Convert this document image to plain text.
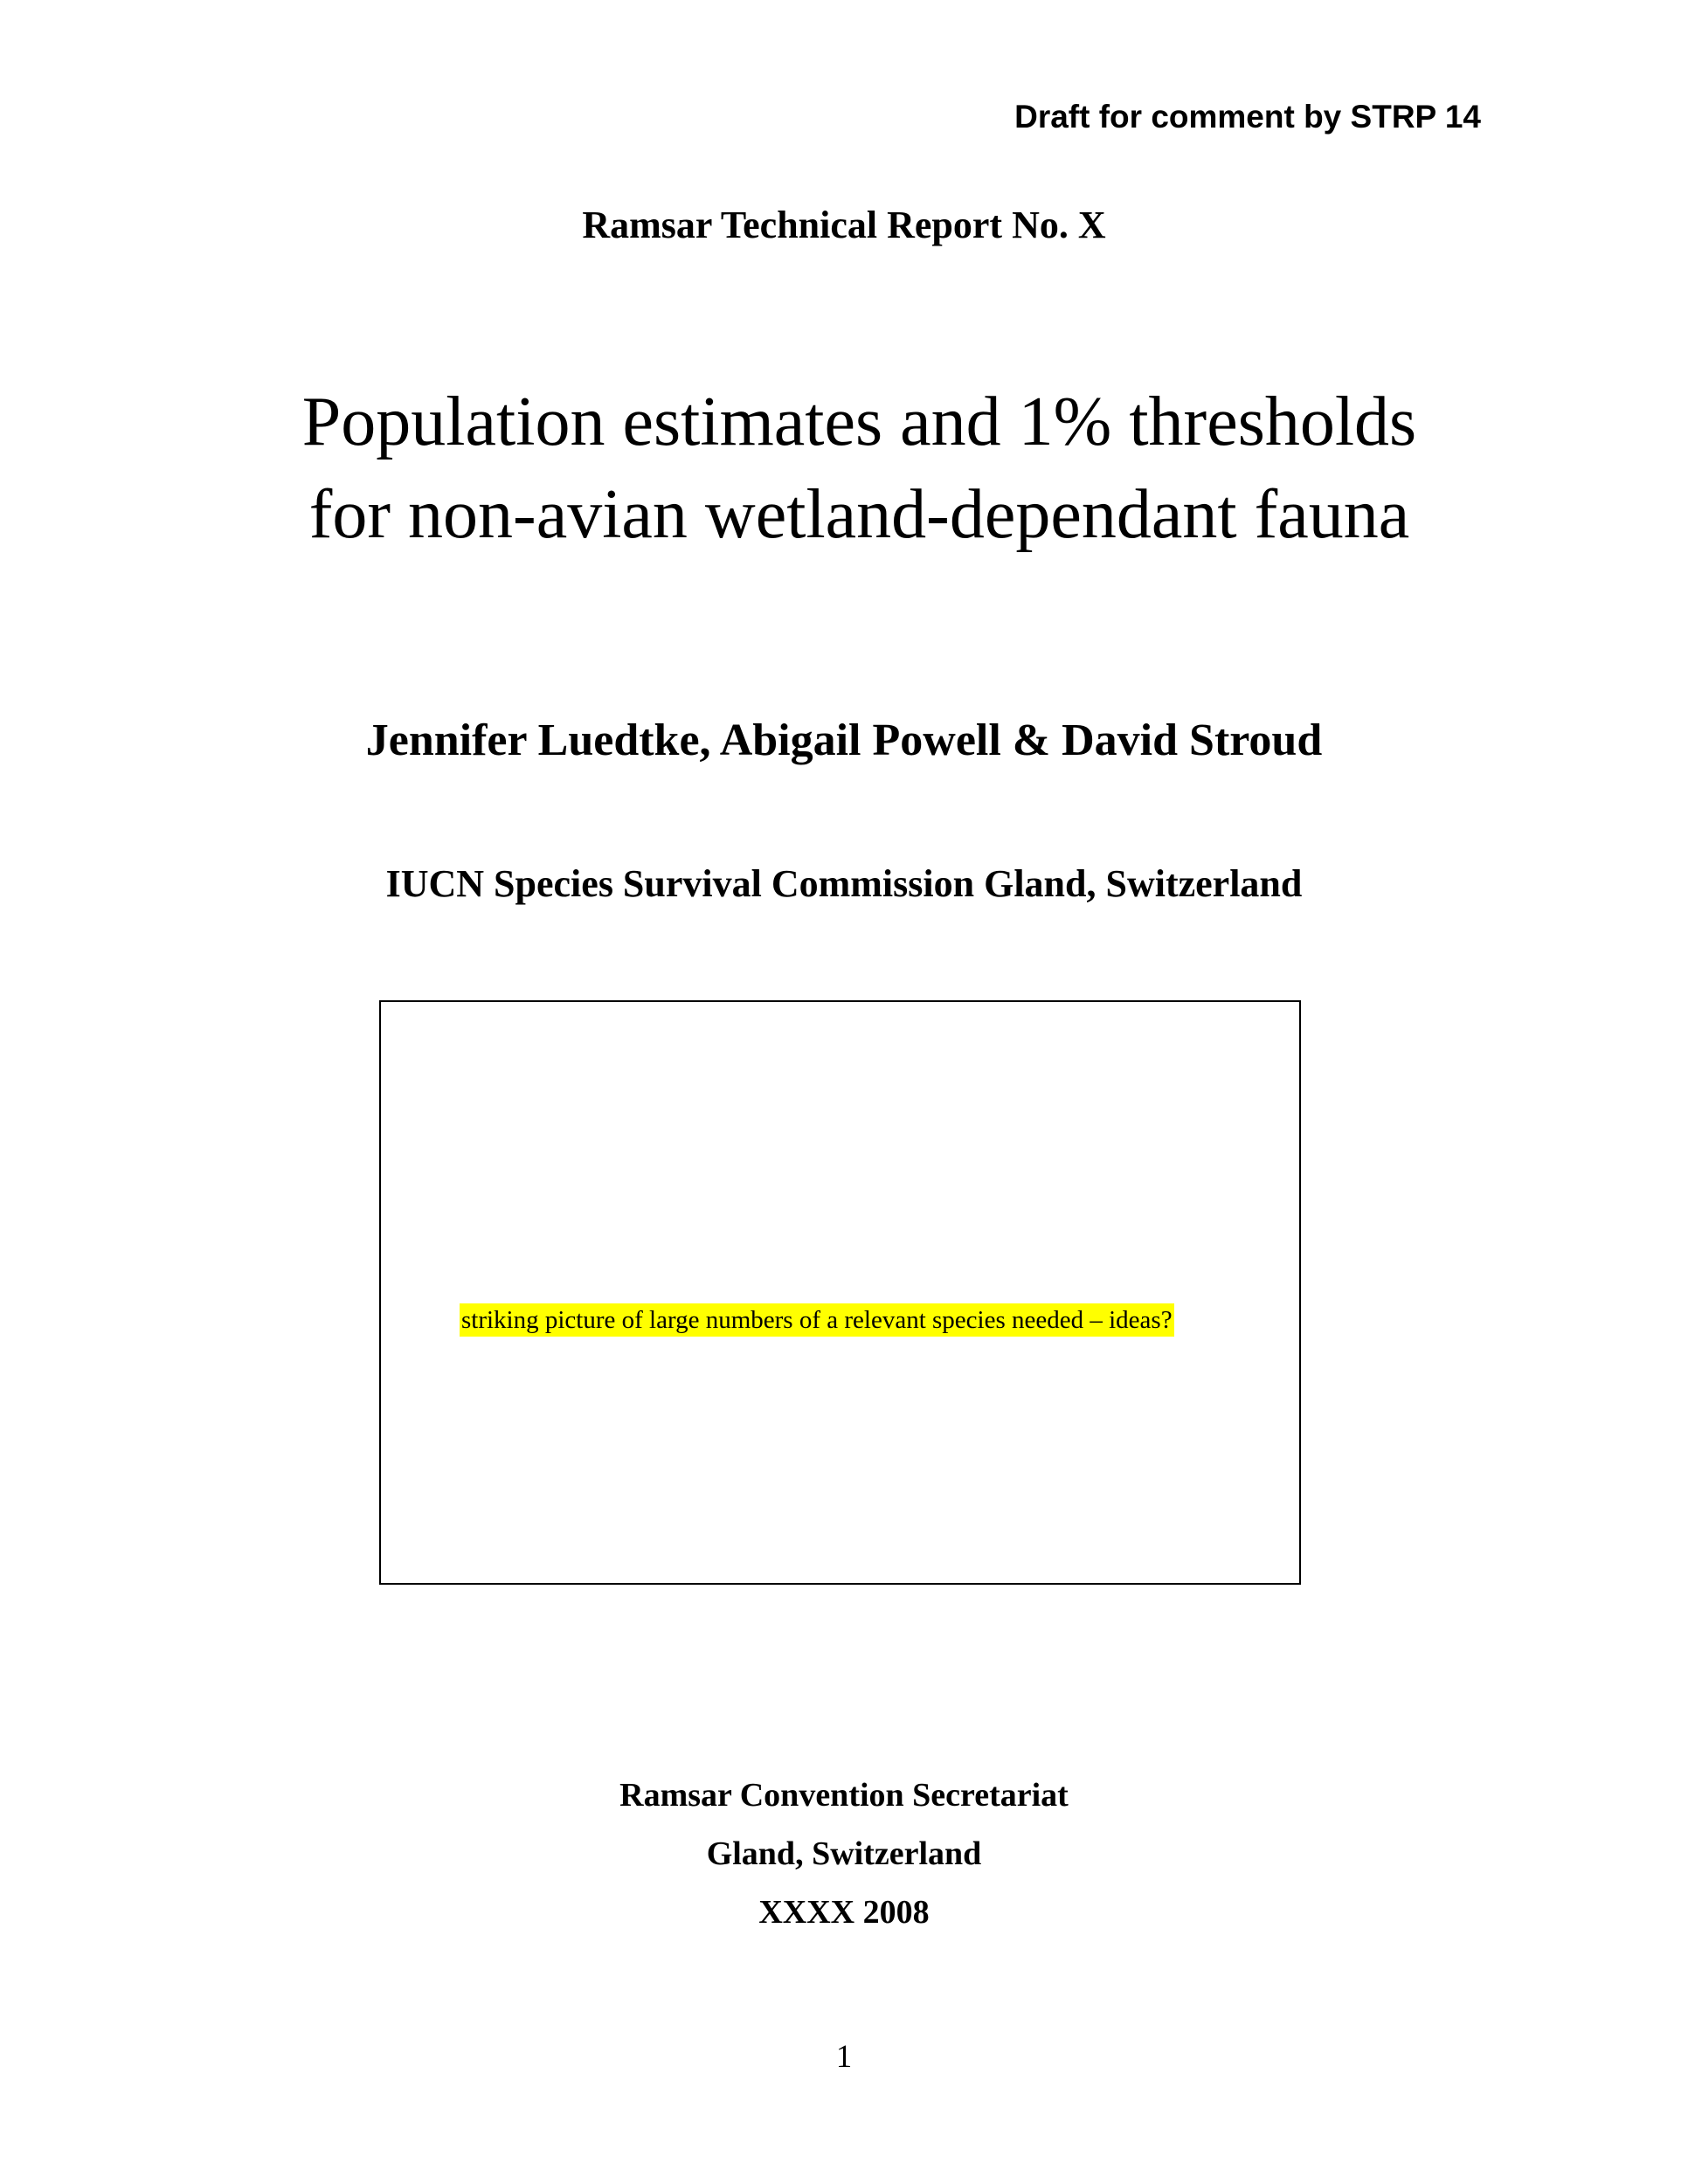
Draft for comment by STRP 14
Ramsar Technical Report No. X
Population estimates and 1% thresholds
for non-avian wetland-dependant fauna
Jennifer Luedtke, Abigail Powell & David Stroud
IUCN Species Survival Commission Gland, Switzerland
striking picture of large numbers of a relevant species needed – ideas?
Ramsar Convention Secretariat
Gland, Switzerland
XXXX 2008
1
